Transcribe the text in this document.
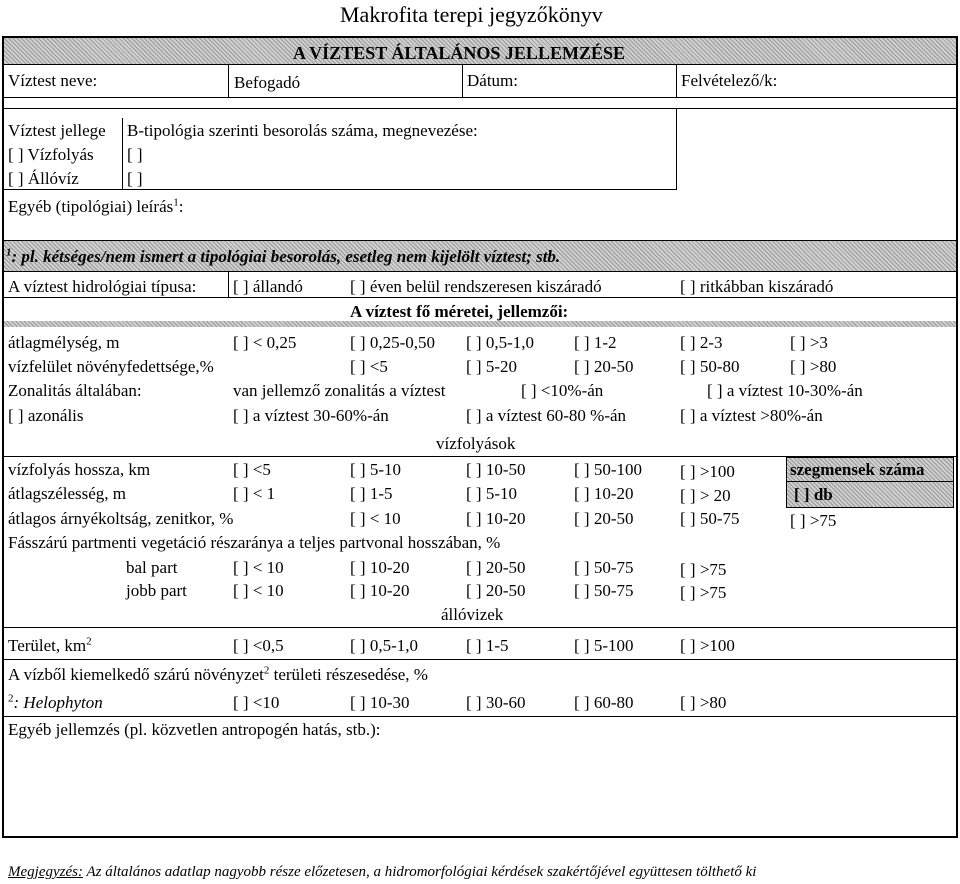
Makrofita terepi jegyzőkönyv
A VÍZTEST ÁLTALÁNOS JELLEMZÉSE
Víztest neve:	Befogadó	Dátum:	Felvételező/k:
Víztest jellege B-tipológia szerinti besorolás száma, megnevezése:
[ ] Vízfolyás [ ]
[ ] Állóvíz	[ ]
Egyéb (tipológiai) leírás$^1$:
$^1$: pl. kétséges/nem ismert a tipológiai besorolás, esetleg nem kijelölt víztest; stb.
A víztest hidrológiai típusa: [ ] állandó	[ ] éven belül rendszeresen kiszáradó	[ ] ritkábban kiszáradó
A víztest fő méretei, jellemzői:
átlagmélység, m	[ ] < 0,25	[ ] 0,25-0,50 [ ] 0,5-1,0 [ ] 1-2	[ ] 2-3	[ ] >3
vízfelület növényfedettsége,%	[ ] <5	[ ] 5-20	[ ] 20-50	[ ] 50-80	[ ] >80
Zonalitás általában:	van jellemző zonalitás a víztest	[ ] <10%-án	[ ] a víztest 10-30%-án
[ ] azonális	[ ] a víztest 30-60%-án	[ ] a víztest 60-80 %-án	[ ] a víztest >80%-án
vízfolyások
vízfolyás hossza, km	[ ] <5	[ ] 5-10	[ ] 10-50	[ ] 50-100 [ ] >100	szegmensek száma
[ ] db
átlagszélesség, m	[ ] < 1	[ ] 1-5	[ ] 5-10	[ ] 10-20	[ ] > 20
átlagos árnyékoltság, zenitkor, %	[ ] < 10	[ ] 10-20	[ ] 20-50	[ ] 50-75	[ ] >75
Fásszárú partmenti vegetáció részaránya a teljes partvonal hosszában, %
bal part	[ ] < 10	[ ] 10-20	[ ] 20-50	[ ] 50-75	[ ] >75
jobb part	[ ] < 10	[ ] 10-20	[ ] 20-50	[ ] 50-75	[ ] >75
állóvizek
Terület, $km^2$	[ ] <0,5	[ ] 0,5-1,0	[ ] 1-5	[ ] 5-100	[ ] >100
A vízből kiemelkedő szárú növényzet$^2$ területi részesedése, %
$^2$: Helophyton	[ ] <10	[ ] 10-30	[ ] 30-60	[ ] 60-80	[ ] >80
Egyéb jellemzés (pl. közvetlen antropogén hatás, stb.):
Megjegyzés: Az általános adatlap nagyobb része előzetesen, a hidromorfológiai kérdések szakértőjével együttesen tölthető ki
